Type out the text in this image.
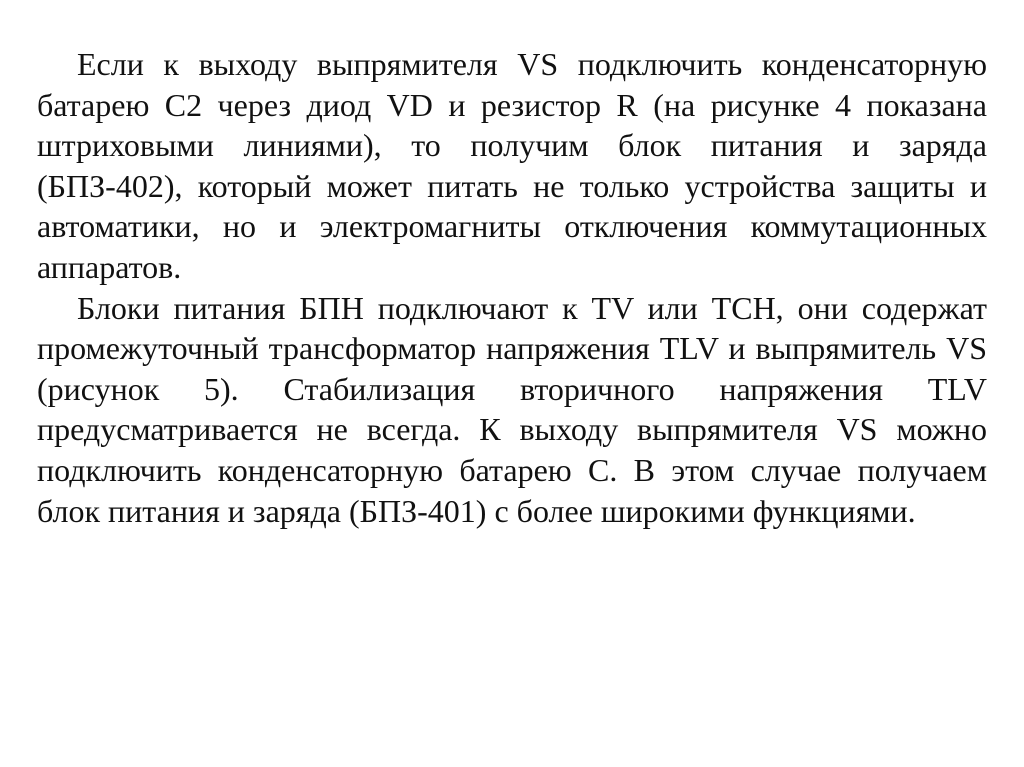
Если к выходу выпрямителя VS подключить конденсаторную батарею С2 через диод VD и резистор R (на рисунке 4 показана штриховыми линиями), то получим блок питания и заряда (БПЗ-402), который может питать не только устройства защиты и автоматики, но и электромагниты отключения коммутационных аппаратов.

Блоки питания БПН подключают к TV или ТСН, они содержат промежуточный трансформатор напряжения TLV и выпрямитель VS (рисунок 5). Стабилизация вторичного напряжения TLV предусматривается не всегда. К выходу выпрямителя VS можно подключить конденсаторную батарею С. В этом случае получаем блок питания и заряда (БПЗ-401) с более широкими функциями.
